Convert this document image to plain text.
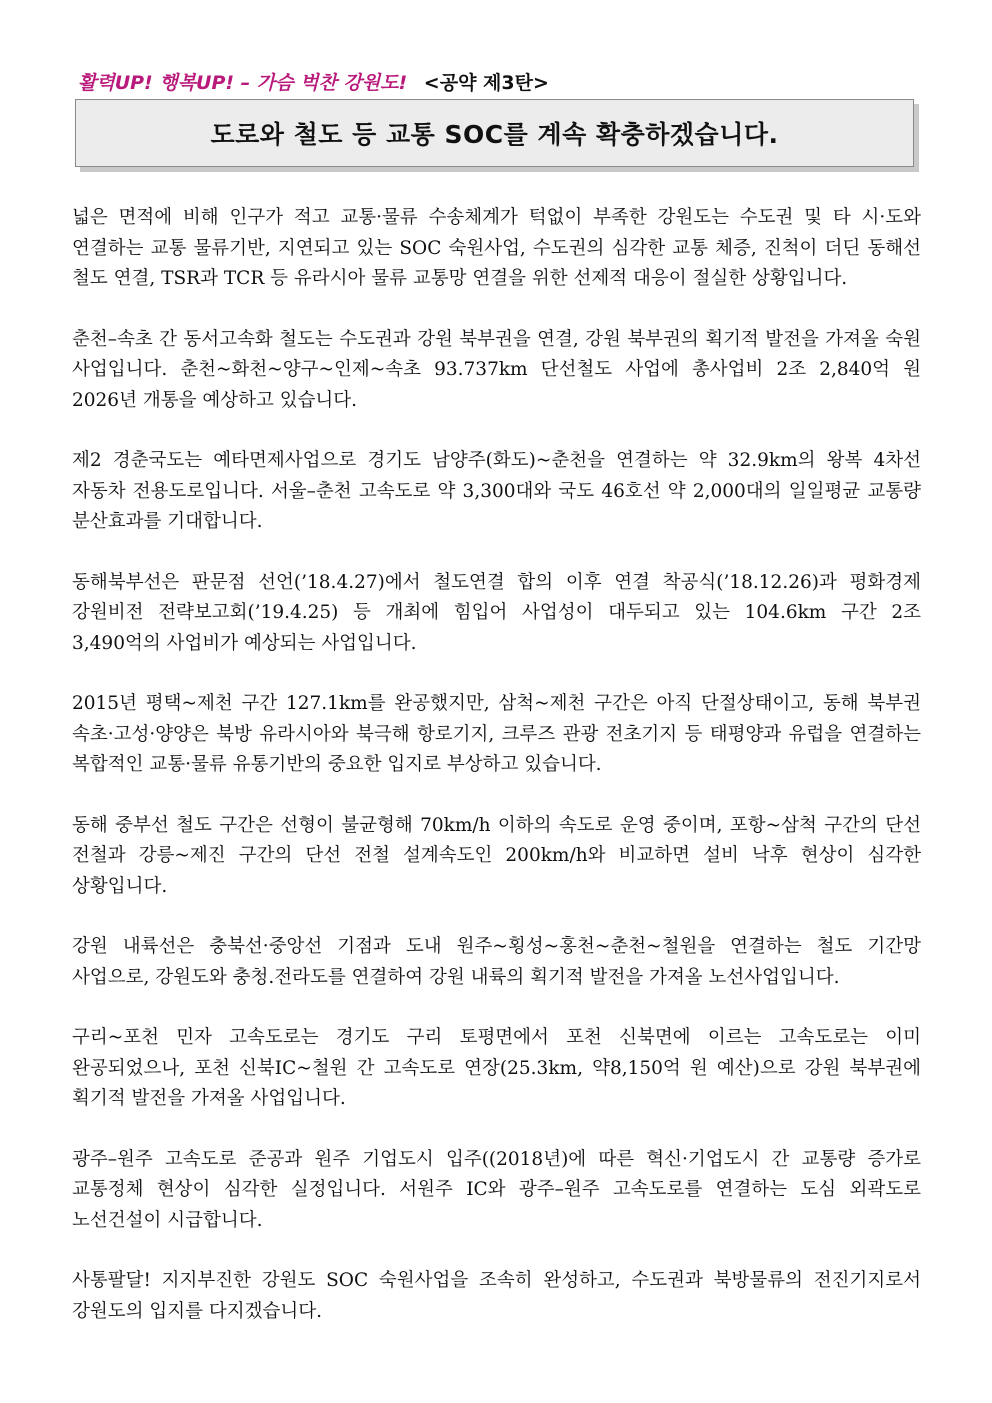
활력UP! 행복UP! – 가슴 벅찬 강원도! <공약 제3탄>
도로와 철도 등 교통 SOC를 계속 확충하겠습니다.

넓은 면적에 비해 인구가 적고 교통·물류 수송체계가 턱없이 부족한 강원도는 수도권 및 타 시·도와 연결하는 교통 물류기반, 지연되고 있는 SOC 숙원사업, 수도권의 심각한 교통 체증, 진척이 더딘 동해선 철도 연결, TSR과 TCR 등 유라시아 물류 교통망 연결을 위한 선제적 대응이 절실한 상황입니다.

춘천–속초 간 동서고속화 철도는 수도권과 강원 북부권을 연결, 강원 북부권의 획기적 발전을 가져올 숙원 사업입니다. 춘천~화천~양구~인제~속초 93.737km 단선철도 사업에 총사업비 2조 2,840억 원 2026년 개통을 예상하고 있습니다.

제2 경춘국도는 예타면제사업으로 경기도 남양주(화도)~춘천을 연결하는 약 32.9km의 왕복 4차선 자동차 전용도로입니다. 서울–춘천 고속도로 약 3,300대와 국도 46호선 약 2,000대의 일일평균 교통량 분산효과를 기대합니다.

동해북부선은 판문점 선언(’18.4.27)에서 철도연결 합의 이후 연결 착공식(’18.12.26)과 평화경제 강원비전 전략보고회(’19.4.25) 등 개최에 힘입어 사업성이 대두되고 있는 104.6km 구간 2조 3,490억의 사업비가 예상되는 사업입니다.

2015년 평택~제천 구간 127.1km를 완공했지만, 삼척~제천 구간은 아직 단절상태이고, 동해 북부권 속초·고성·양양은 북방 유라시아와 북극해 항로기지, 크루즈 관광 전초기지 등 태평양과 유럽을 연결하는 복합적인 교통·물류 유통기반의 중요한 입지로 부상하고 있습니다.

동해 중부선 철도 구간은 선형이 불균형해 70km/h 이하의 속도로 운영 중이며, 포항~삼척 구간의 단선 전철과 강릉~제진 구간의 단선 전철 설계속도인 200km/h와 비교하면 설비 낙후 현상이 심각한 상황입니다.

강원 내륙선은 충북선·중앙선 기점과 도내 원주~횡성~홍천~춘천~철원을 연결하는 철도 기간망 사업으로, 강원도와 충청.전라도를 연결하여 강원 내륙의 획기적 발전을 가져올 노선사업입니다.

구리~포천 민자 고속도로는 경기도 구리 토평면에서 포천 신북면에 이르는 고속도로는 이미 완공되었으나, 포천 신북IC~철원 간 고속도로 연장(25.3km, 약8,150억 원 예산)으로 강원 북부권에 획기적 발전을 가져올 사업입니다.

광주–원주 고속도로 준공과 원주 기업도시 입주((2018년)에 따른 혁신·기업도시 간 교통량 증가로 교통정체 현상이 심각한 실정입니다. 서원주 IC와 광주–원주 고속도로를 연결하는 도심 외곽도로 노선건설이 시급합니다.

사통팔달! 지지부진한 강원도 SOC 숙원사업을 조속히 완성하고, 수도권과 북방물류의 전진기지로서 강원도의 입지를 다지겠습니다.
